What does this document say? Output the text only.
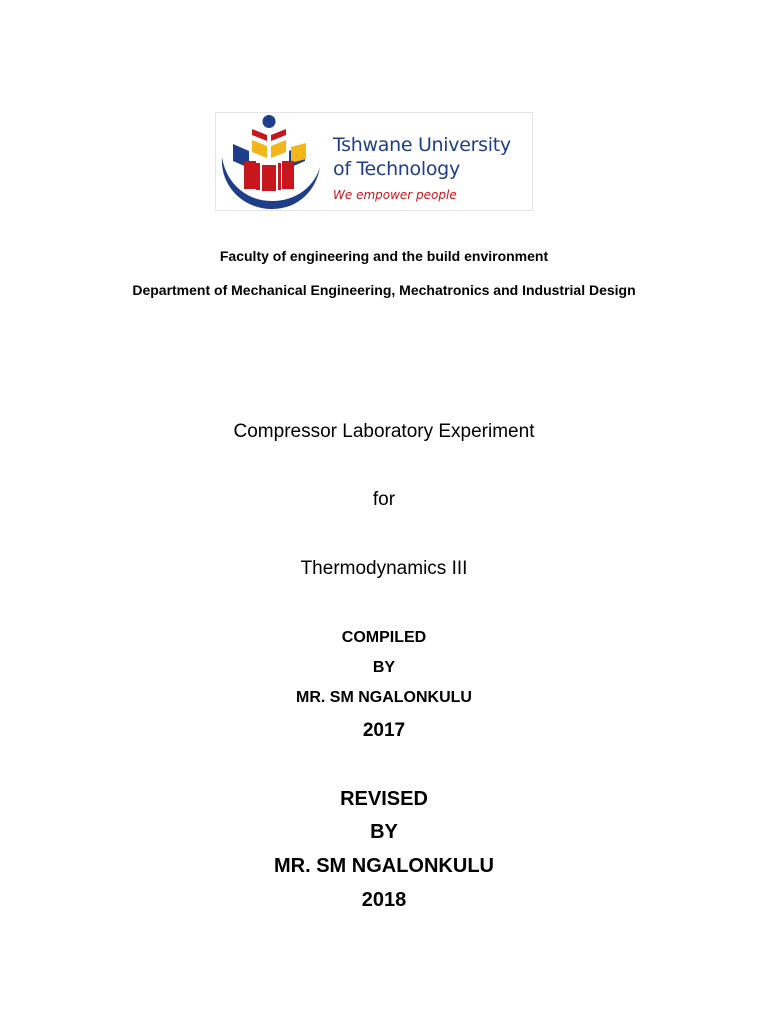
Tshwane University
of Technology
We empower people
Faculty of engineering and the build environment
Department of Mechanical Engineering, Mechatronics and Industrial Design
Compressor Laboratory Experiment
for
Thermodynamics III
COMPILED
BY
MR. SM NGALONKULU
2017
REVISED
BY
MR. SM NGALONKULU
2018
